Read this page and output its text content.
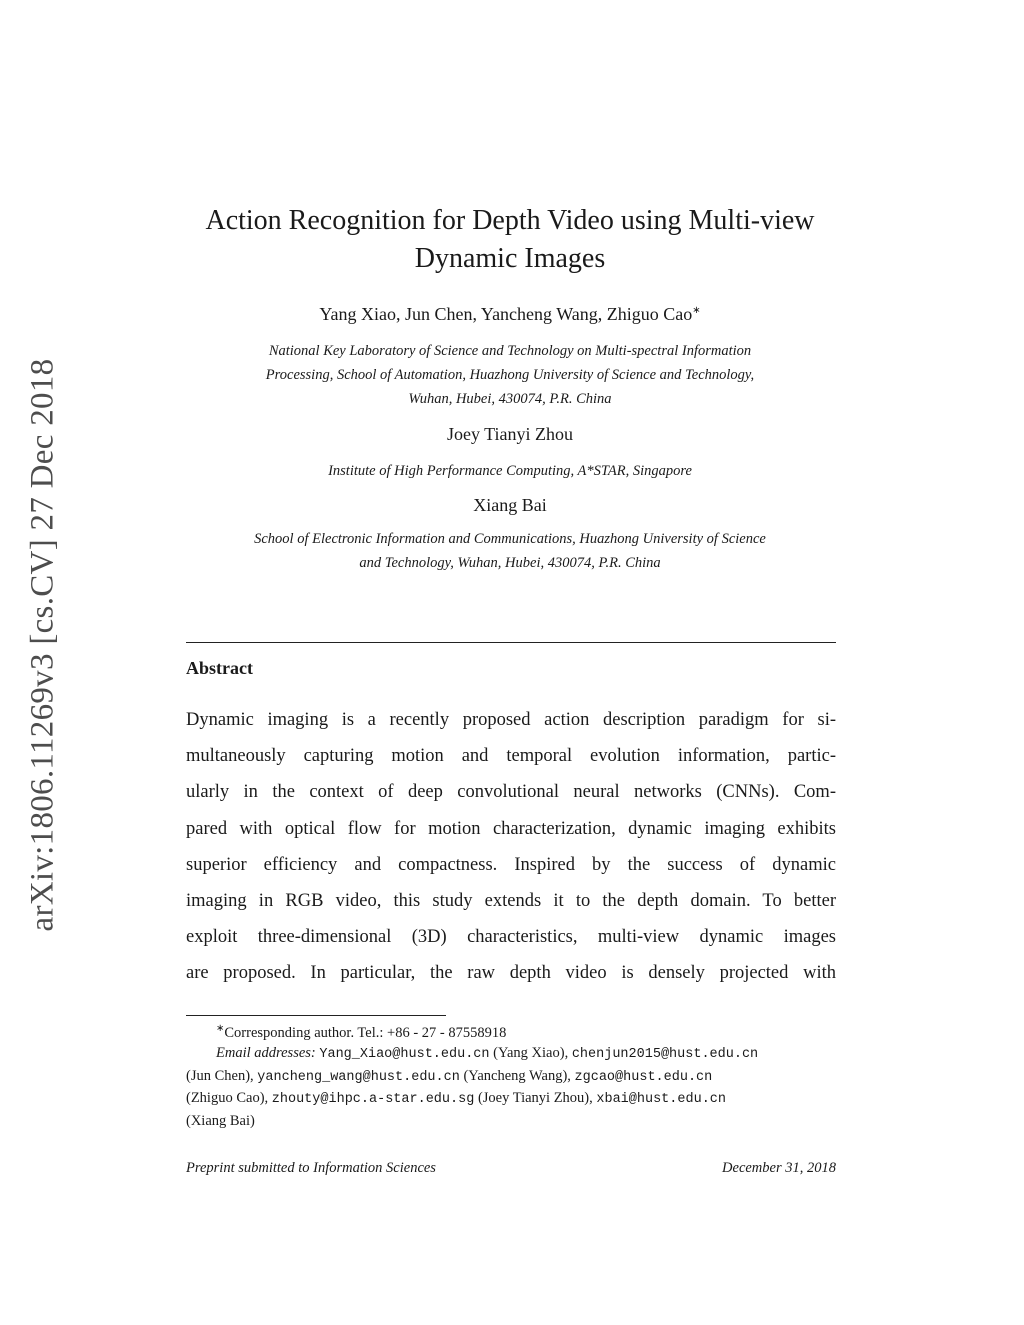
arXiv:1806.11269v3 [cs.CV] 27 Dec 2018
Action Recognition for Depth Video using Multi-view
Dynamic Images
Yang Xiao, Jun Chen, Yancheng Wang, Zhiguo Cao∗
National Key Laboratory of Science and Technology on Multi-spectral Information
Processing, School of Automation, Huazhong University of Science and Technology,
Wuhan, Hubei, 430074, P.R. China
Joey Tianyi Zhou
Institute of High Performance Computing, A*STAR, Singapore
Xiang Bai
School of Electronic Information and Communications, Huazhong University of Science
and Technology, Wuhan, Hubei, 430074, P.R. China
Abstract
Dynamic imaging is a recently proposed action description paradigm for si-
multaneously capturing motion and temporal evolution information, partic-
ularly in the context of deep convolutional neural networks (CNNs). Com-
pared with optical flow for motion characterization, dynamic imaging exhibits
superior efficiency and compactness. Inspired by the success of dynamic
imaging in RGB video, this study extends it to the depth domain. To better
exploit three-dimensional (3D) characteristics, multi-view dynamic images
are proposed. In particular, the raw depth video is densely projected with
∗Corresponding author. Tel.: +86 - 27 - 87558918
Email addresses: Yang_Xiao@hust.edu.cn (Yang Xiao), chenjun2015@hust.edu.cn
(Jun Chen), yancheng_wang@hust.edu.cn (Yancheng Wang), zgcao@hust.edu.cn
(Zhiguo Cao), zhouty@ihpc.a-star.edu.sg (Joey Tianyi Zhou), xbai@hust.edu.cn
(Xiang Bai)
Preprint submitted to Information Sciences	December 31, 2018
